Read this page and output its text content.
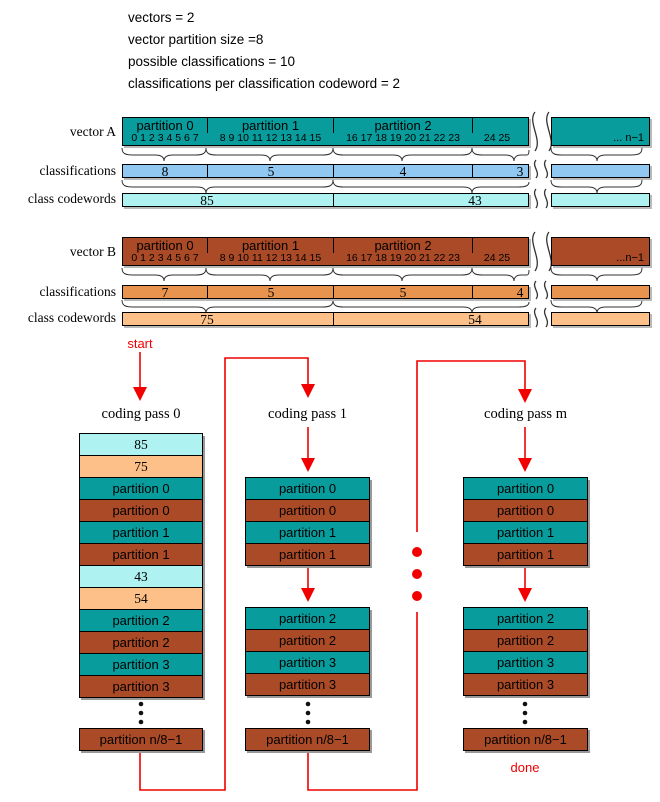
vectors = 2
vector partition size =8
possible classifications = 10
classifications per classification codeword = 2
vector A
classifications
class codewords
vector B
classifications
class codewords
partition 0	partition 1	partition 2
0 1 2 3 4 5 6 7	8 9 10 11 12 13 14 15	16 17 18 19 20 21 22 23	24 25	... n−1
8	5	4	3
85	43
partition 0	partition 1	partition 2
0 1 2 3 4 5 6 7	8 9 10 11 12 13 14 15	16 17 18 19 20 21 22 23	24 25	...n−1
7	5	5	4
75	54
start
done
coding pass 0
85
75
partition 0
partition 0
partition 1
partition 1
43
54
partition 2
partition 2
partition 3
partition 3
partition n/8−1
coding pass 1
partition 0
partition 0
partition 1
partition 1
partition 2
partition 2
partition 3
partition 3
partition n/8−1
coding pass m
partition 0
partition 0
partition 1
partition 1
partition 2
partition 2
partition 3
partition 3
partition n/8−1
